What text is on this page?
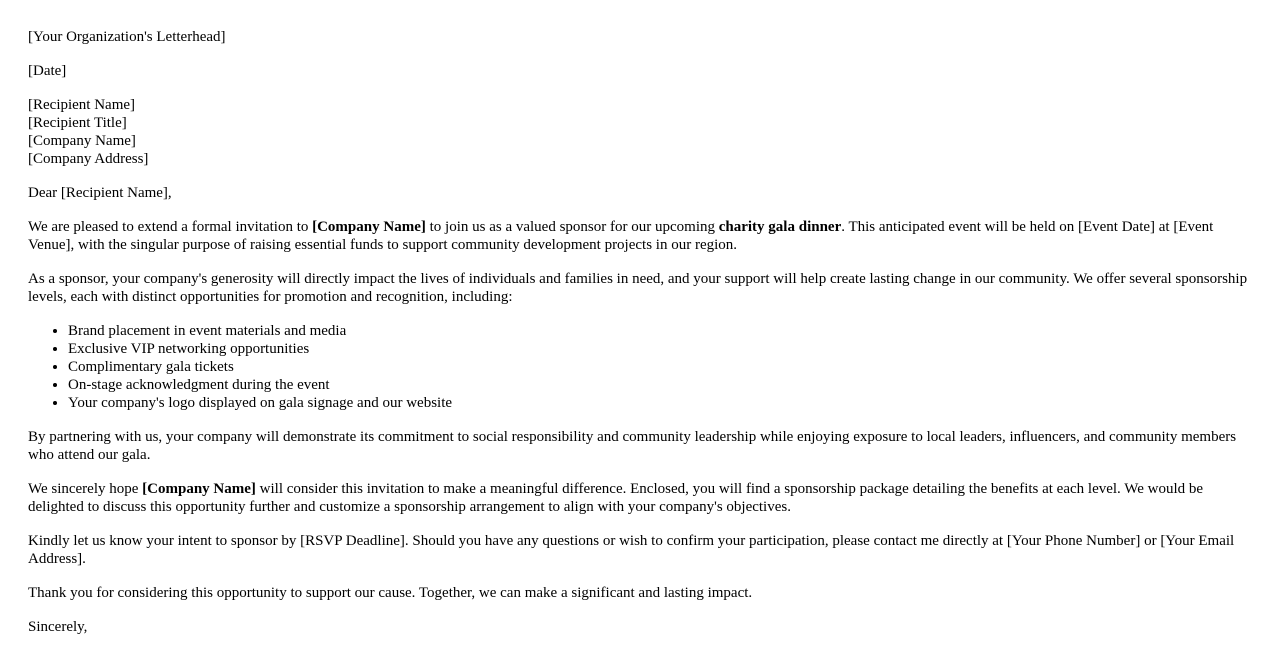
[Your Organization's Letterhead]

[Date]

[Recipient Name]
[Recipient Title]
[Company Name]
[Company Address]

Dear [Recipient Name],

We are pleased to extend a formal invitation to [Company Name] to join us as a valued sponsor for our upcoming charity gala dinner. This anticipated event will be held on [Event Date] at [Event Venue], with the singular purpose of raising essential funds to support community development projects in our region.

As a sponsor, your company's generosity will directly impact the lives of individuals and families in need, and your support will help create lasting change in our community. We offer several sponsorship levels, each with distinct opportunities for promotion and recognition, including:

• Brand placement in event materials and media
• Exclusive VIP networking opportunities
• Complimentary gala tickets
• On-stage acknowledgment during the event
• Your company's logo displayed on gala signage and our website

By partnering with us, your company will demonstrate its commitment to social responsibility and community leadership while enjoying exposure to local leaders, influencers, and community members who attend our gala.

We sincerely hope [Company Name] will consider this invitation to make a meaningful difference. Enclosed, you will find a sponsorship package detailing the benefits at each level. We would be delighted to discuss this opportunity further and customize a sponsorship arrangement to align with your company's objectives.

Kindly let us know your intent to sponsor by [RSVP Deadline]. Should you have any questions or wish to confirm your participation, please contact me directly at [Your Phone Number] or [Your Email Address].

Thank you for considering this opportunity to support our cause. Together, we can make a significant and lasting impact.

Sincerely,
